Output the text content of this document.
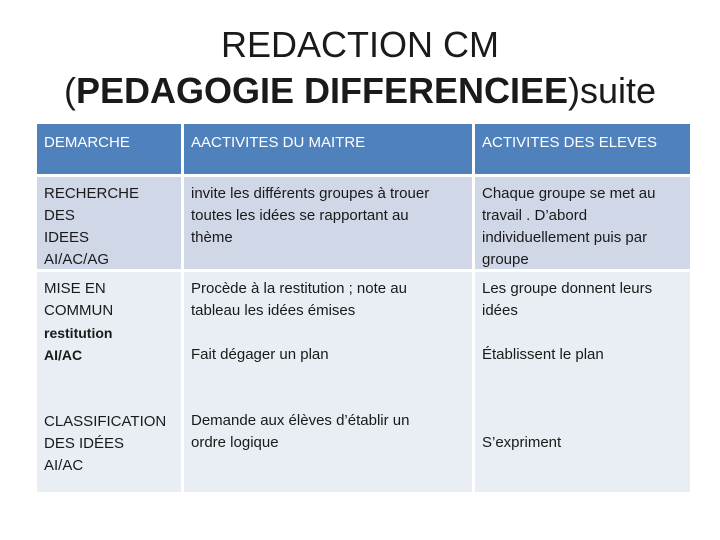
REDACTION CM
(PEDAGOGIE DIFFERENCIEE)suite
DEMARCHE	AACTIVITES DU MAITRE	ACTIVITES DES ELEVES
RECHERCHE DES
IDEES
AI/AC/AG
invite les différents groupes à trouer
toutes les idées se rapportant au
thème
Chaque groupe se met au
travail . D’abord
individuellement puis par
groupe
MISE EN
COMMUN
restitution
AI/AC
CLASSIFICATION
DES IDÉES
AI/AC
Procède à la restitution ; note au
tableau les idées émises
Fait dégager un plan
Demande aux élèves d’établir un
ordre logique
Les groupe donnent leurs
idées
Établissent le plan
S’expriment
